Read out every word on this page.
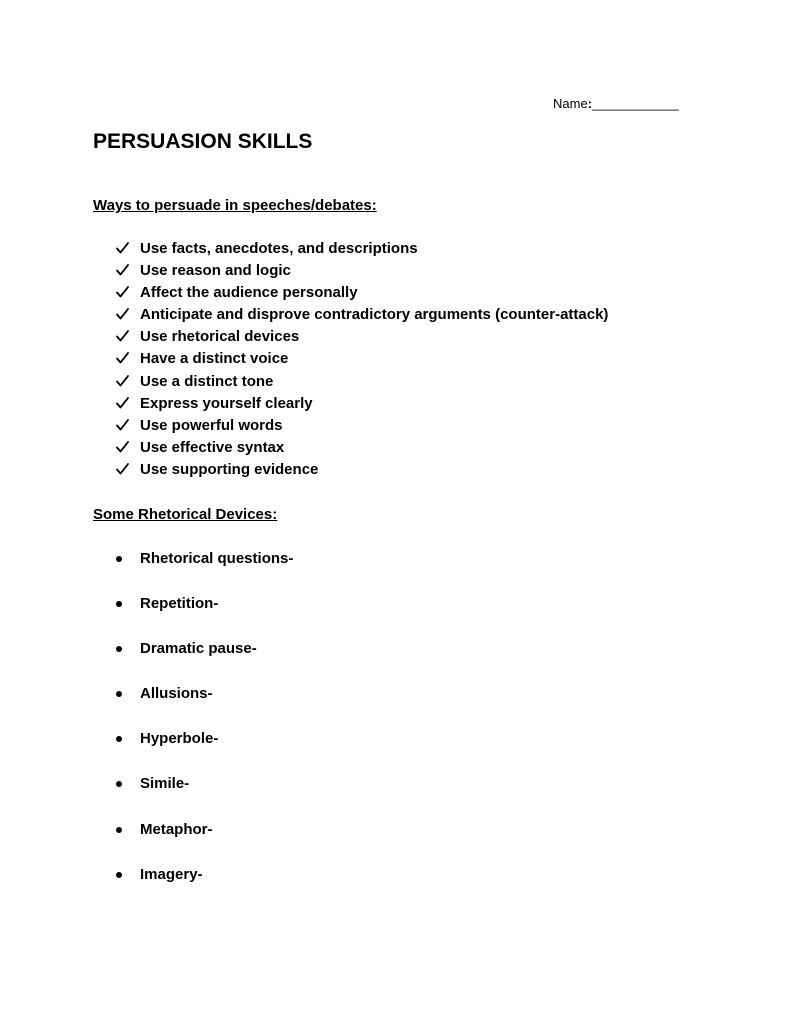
Name:____________
PERSUASION SKILLS
Ways to persuade in speeches/debates:
Use facts, anecdotes, and descriptions
Use reason and logic
Affect the audience personally
Anticipate and disprove contradictory arguments (counter-attack)
Use rhetorical devices
Have a distinct voice
Use a distinct tone
Express yourself clearly
Use powerful words
Use effective syntax
Use supporting evidence
Some Rhetorical Devices:
Rhetorical questions-
Repetition-
Dramatic pause-
Allusions-
Hyperbole-
Simile-
Metaphor-
Imagery-
